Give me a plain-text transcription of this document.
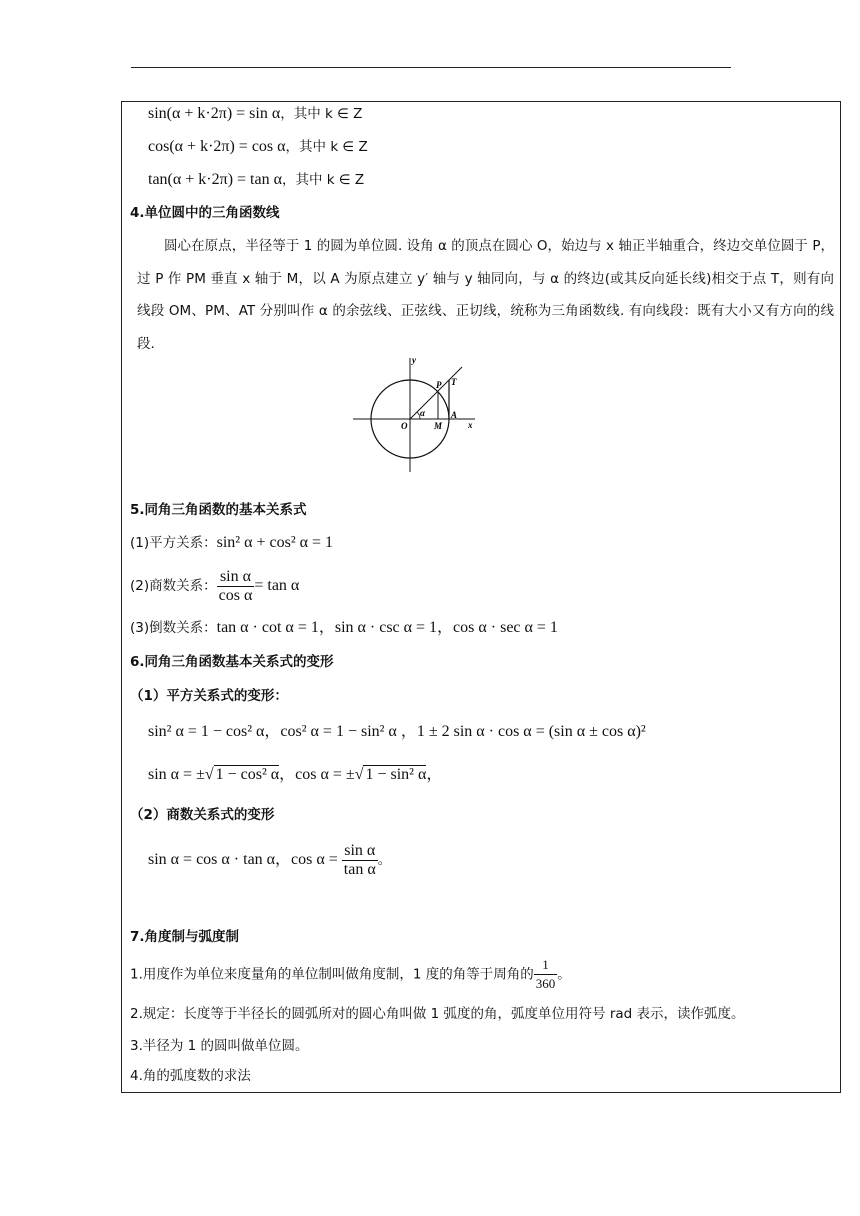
sin(α + k·2π) = sin α，其中 k ∈ Z
cos(α + k·2π) = cos α，其中 k ∈ Z
tan(α + k·2π) = tan α，其中 k ∈ Z
4.单位圆中的三角函数线
圆心在原点，半径等于 1 的圆为单位圆. 设角 α 的顶点在圆心 O，始边与 x 轴正半轴重合，终边交单位圆于 P，过 P 作 PM 垂直 x 轴于 M，以 A 为原点建立 y′ 轴与 y 轴同向，与 α 的终边(或其反向延长线)相交于点 T，则有向线段 OM、PM、AT 分别叫作 α 的余弦线、正弦线、正切线，统称为三角函数线. 有向线段：既有大小又有方向的线段.
y
x
O	M
A
P T
α
5.同角三角函数的基本关系式
(1)平方关系：sin² α + cos² α = 1
(2)商数关系： $\frac{\text{sin α}}{\text{cos α}} = \tan \alpha$
(3)倒数关系：tan α · cot α = 1，sin α · csc α = 1，cos α · sec α = 1
6.同角三角函数基本关系式的变形
（1）平方关系式的变形：
sin² α = 1 − cos² α，cos² α = 1 − sin² α ，1 ± 2 sin α · cos α = (sin α ± cos α)²
sin α = ±√ 1 − cos² α，cos α = ±√ 1 − sin² α，
（2）商数关系式的变形
sin α = cos α · tan α，$\cos \alpha = \frac{\text{sin α}}{\text{tan α}}$ 。
7.角度制与弧度制
1.用度作为单位来度量角的单位制叫做角度制，1 度的角等于周角的 $\frac{1}{360}$ 。
2.规定：长度等于半径长的圆弧所对的圆心角叫做 1 弧度的角，弧度单位用符号 rad 表示，读作弧度。
3.半径为 1 的圆叫做单位圆。
4.角的弧度数的求法
